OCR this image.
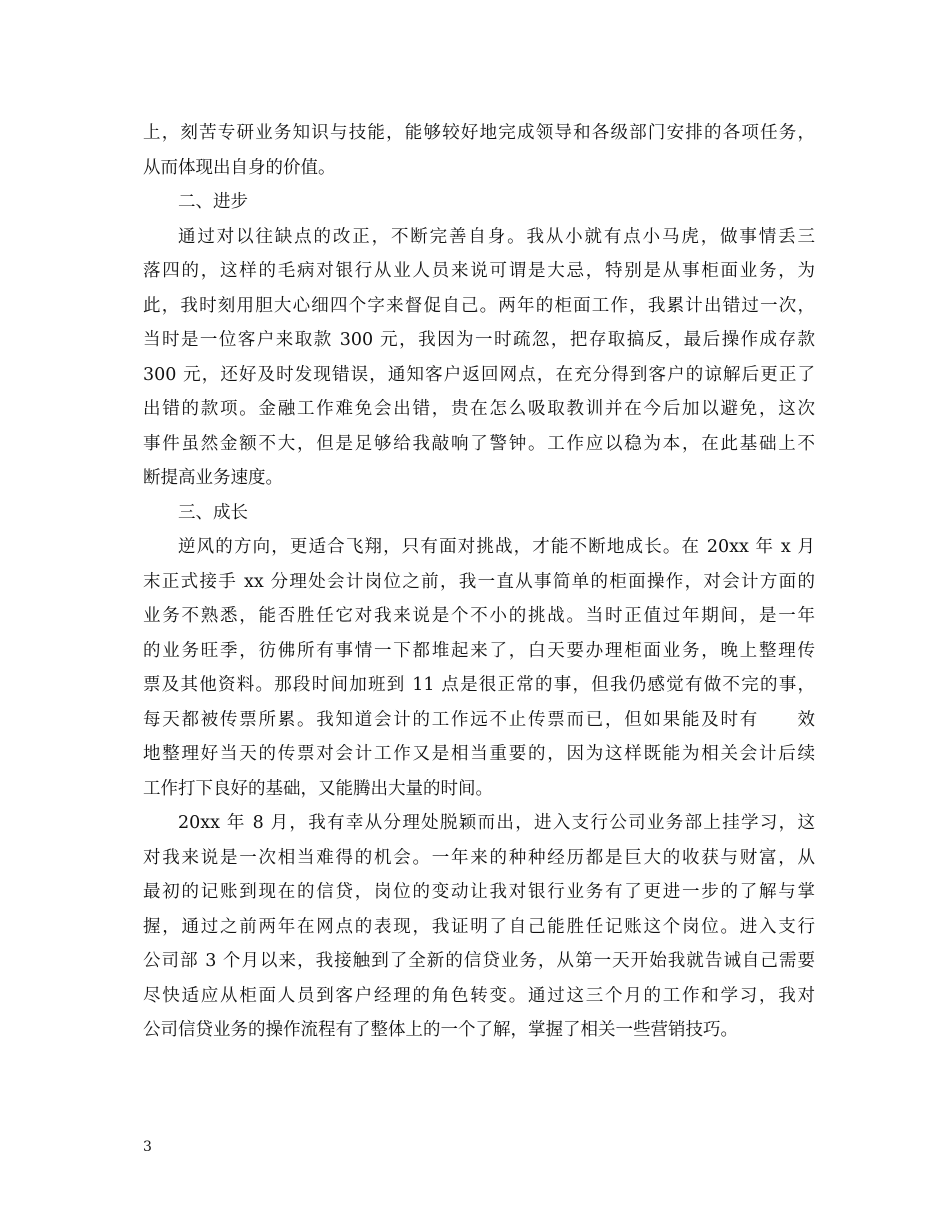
上，刻苦专研业务知识与技能，能够较好地完成领导和各级部门安排的各项任务，
从而体现出自身的价值。
二、进步
通过对以往缺点的改正，不断完善自身。我从小就有点小马虎，做事情丢三
落四的，这样的毛病对银行从业人员来说可谓是大忌，特别是从事柜面业务，为
此，我时刻用胆大心细四个字来督促自己。两年的柜面工作，我累计出错过一次，
当时是一位客户来取款 300 元，我因为一时疏忽，把存取搞反，最后操作成存款
300 元，还好及时发现错误，通知客户返回网点，在充分得到客户的谅解后更正了
出错的款项。金融工作难免会出错，贵在怎么吸取教训并在今后加以避免，这次
事件虽然金额不大，但是足够给我敲响了警钟。工作应以稳为本，在此基础上不
断提高业务速度。
三、成长
逆风的方向，更适合飞翔，只有面对挑战，才能不断地成长。在 20xx 年 x 月
末正式接手 xx 分理处会计岗位之前，我一直从事简单的柜面操作，对会计方面的
业务不熟悉，能否胜任它对我来说是个不小的挑战。当时正值过年期间，是一年
的业务旺季，彷佛所有事情一下都堆起来了，白天要办理柜面业务，晚上整理传
票及其他资料。那段时间加班到 11 点是很正常的事，但我仍感觉有做不完的事，
每天都被传票所累。我知道会计的工作远不止传票而已，但如果能及时有　　效
地整理好当天的传票对会计工作又是相当重要的，因为这样既能为相关会计后续
工作打下良好的基础，又能腾出大量的时间。
20xx 年 8 月，我有幸从分理处脱颖而出，进入支行公司业务部上挂学习，这
对我来说是一次相当难得的机会。一年来的种种经历都是巨大的收获与财富，从
最初的记账到现在的信贷，岗位的变动让我对银行业务有了更进一步的了解与掌
握，通过之前两年在网点的表现，我证明了自己能胜任记账这个岗位。进入支行
公司部 3 个月以来，我接触到了全新的信贷业务，从第一天开始我就告诫自己需要
尽快适应从柜面人员到客户经理的角色转变。通过这三个月的工作和学习，我对
公司信贷业务的操作流程有了整体上的一个了解，掌握了相关一些营销技巧。
3
